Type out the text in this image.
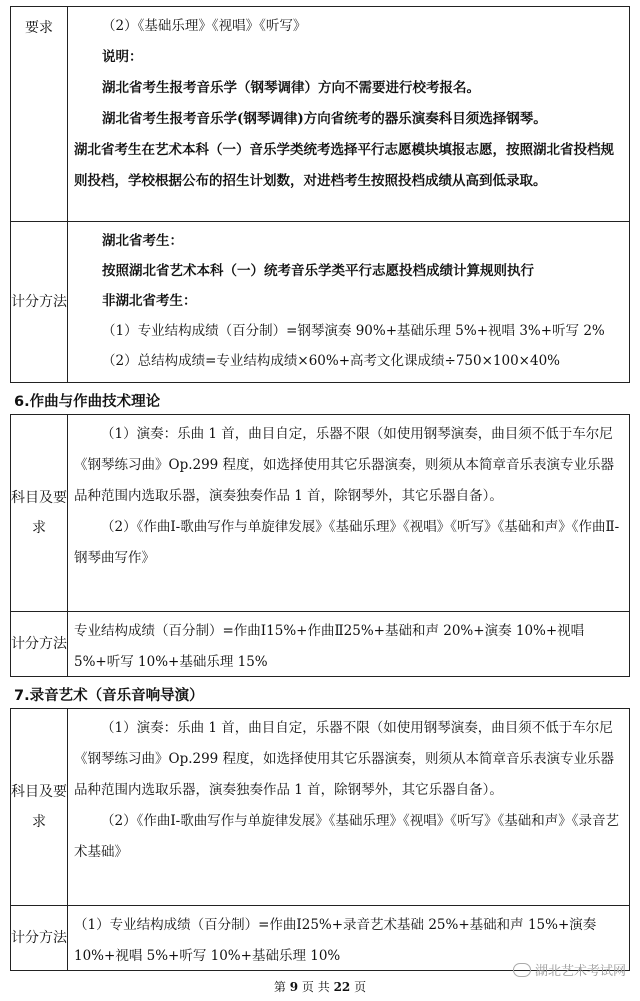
要求	（2）《基础乐理》《视唱》《听写》

说明：

湖北省考生报考音乐学（钢琴调律）方向不需要进行校考报名。

湖北省考生报考音乐学(钢琴调律)方向省统考的器乐演奏科目须选择钢琴。

湖北省考生在艺术本科（一）音乐学类统考选择平行志愿模块填报志愿，按照湖北省投档规则投档，学校根据公布的招生计划数，对进档考生按照投档成绩从高到低录取。

计分方法

湖北省考生：

按照湖北省艺术本科（一）统考音乐学类平行志愿投档成绩计算规则执行

非湖北省考生：

（1）专业结构成绩（百分制）=钢琴演奏 90%+基础乐理 5%+视唱 3%+听写 2%

（2）总结构成绩=专业结构成绩×60%+高考文化课成绩÷750×100×40%

6.作曲与作曲技术理论
科目及要求

（1）演奏：乐曲 1 首，曲目自定，乐器不限（如使用钢琴演奏，曲目须不低于车尔尼《钢琴练习曲》Op.299 程度，如选择使用其它乐器演奏，则须从本简章音乐表演专业乐器品种范围内选取乐器，演奏独奏作品 1 首，除钢琴外，其它乐器自备）。

（2）《作曲Ⅰ-歌曲写作与单旋律发展》《基础乐理》《视唱》《听写》《基础和声》《作曲Ⅱ-钢琴曲写作》

计分方法
专业结构成绩（百分制）=作曲Ⅰ15%+作曲Ⅱ25%+基础和声 20%+演奏 10%+视唱 5%+听写 10%+基础乐理 15%
7.录音艺术（音乐音响导演）
科目及要求

（1）演奏：乐曲 1 首，曲目自定，乐器不限（如使用钢琴演奏，曲目须不低于车尔尼《钢琴练习曲》Op.299 程度，如选择使用其它乐器演奏，则须从本简章音乐表演专业乐器品种范围内选取乐器，演奏独奏作品 1 首，除钢琴外，其它乐器自备）。

（2）《作曲Ⅰ-歌曲写作与单旋律发展》《基础乐理》《视唱》《听写》《基础和声》《录音艺术基础》

计分方法
（1）专业结构成绩（百分制）=作曲Ⅰ25%+录音艺术基础 25%+基础和声 15%+演奏 10%+视唱 5%+听写 10%+基础乐理 10%
湖北艺术考试网
第 9 页 共 22 页
